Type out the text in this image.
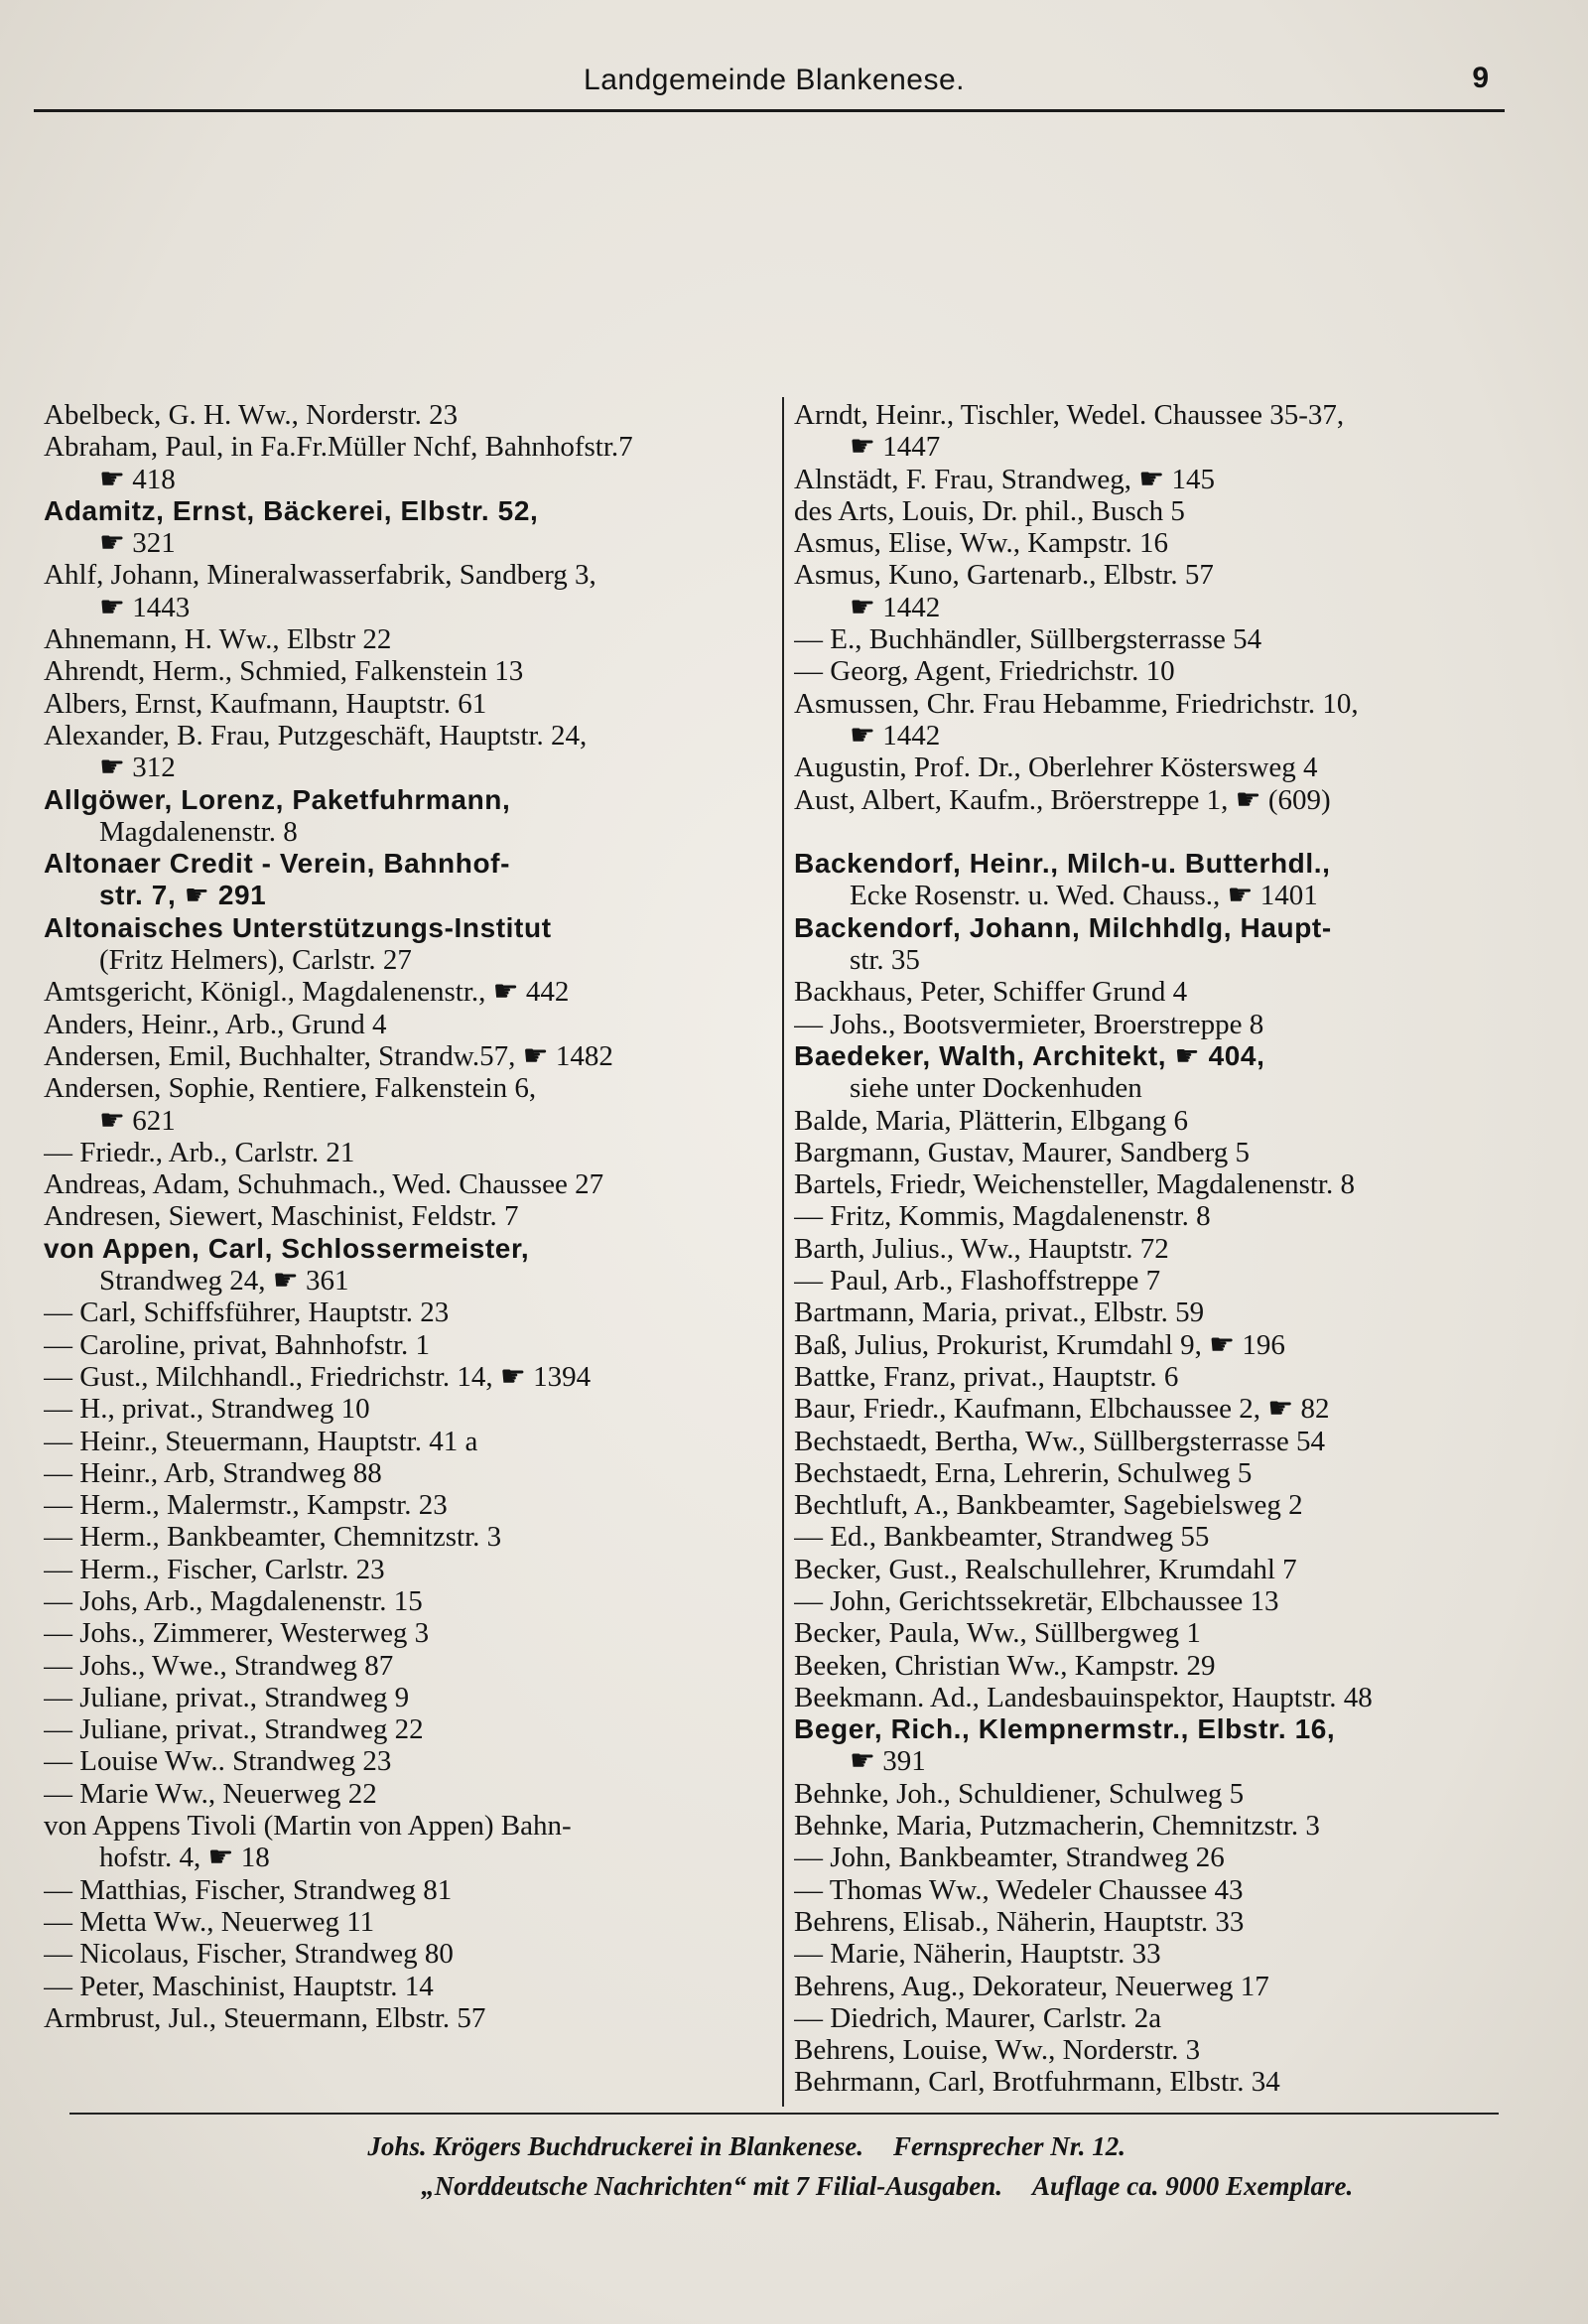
Landgemeinde Blankenese.	9
Abelbeck, G. H. Ww., Norderstr. 23
Abraham, Paul, in Fa.Fr.Müller Nchf, Bahnhofstr.7
☛ 418
Adamitz, Ernst, Bäckerei, Elbstr. 52,
☛ 321
Ahlf, Johann, Mineralwasserfabrik, Sandberg 3,
☛ 1443
Ahnemann, H. Ww., Elbstr 22
Ahrendt, Herm., Schmied, Falkenstein 13
Albers, Ernst, Kaufmann, Hauptstr. 61
Alexander, B. Frau, Putzgeschäft, Hauptstr. 24,
☛ 312
Allgöwer, Lorenz, Paketfuhrmann,
Magdalenenstr. 8
Altonaer Credit - Verein, Bahnhof-
str. 7, ☛ 291
Altonaisches Unterstützungs-Institut
(Fritz Helmers), Carlstr. 27
Amtsgericht, Königl., Magdalenenstr., ☛ 442
Anders, Heinr., Arb., Grund 4
Andersen, Emil, Buchhalter, Strandw.57, ☛ 1482
Andersen, Sophie, Rentiere, Falkenstein 6,
☛ 621
— Friedr., Arb., Carlstr. 21
Andreas, Adam, Schuhmach., Wed. Chaussee 27
Andresen, Siewert, Maschinist, Feldstr. 7
von Appen, Carl, Schlossermeister,
Strandweg 24, ☛ 361
— Carl, Schiffsführer, Hauptstr. 23
— Caroline, privat, Bahnhofstr. 1
— Gust., Milchhandl., Friedrichstr. 14, ☛ 1394
— H., privat., Strandweg 10
— Heinr., Steuermann, Hauptstr. 41 a
— Heinr., Arb, Strandweg 88
— Herm., Malermstr., Kampstr. 23
— Herm., Bankbeamter, Chemnitzstr. 3
— Herm., Fischer, Carlstr. 23
— Johs, Arb., Magdalenenstr. 15
— Johs., Zimmerer, Westerweg 3
— Johs., Wwe., Strandweg 87
— Juliane, privat., Strandweg 9
— Juliane, privat., Strandweg 22
— Louise Ww.. Strandweg 23
— Marie Ww., Neuerweg 22
von Appens Tivoli (Martin von Appen) Bahn-
hofstr. 4, ☛ 18
— Matthias, Fischer, Strandweg 81
— Metta Ww., Neuerweg 11
— Nicolaus, Fischer, Strandweg 80
— Peter, Maschinist, Hauptstr. 14
Armbrust, Jul., Steuermann, Elbstr. 57
Arndt, Heinr., Tischler, Wedel. Chaussee 35-37,
☛ 1447
Alnstädt, F. Frau, Strandweg, ☛ 145
des Arts, Louis, Dr. phil., Busch 5
Asmus, Elise, Ww., Kampstr. 16
Asmus, Kuno, Gartenarb., Elbstr. 57
☛ 1442
— E., Buchhändler, Süllbergsterrasse 54
— Georg, Agent, Friedrichstr. 10
Asmussen, Chr. Frau Hebamme, Friedrichstr. 10,
☛ 1442
Augustin, Prof. Dr., Oberlehrer Köstersweg 4
Aust, Albert, Kaufm., Bröerstreppe 1, ☛ (609)
Backendorf, Heinr., Milch-u. Butterhdl.,
Ecke Rosenstr. u. Wed. Chauss., ☛ 1401
Backendorf, Johann, Milchhdlg, Haupt-
str. 35
Backhaus, Peter, Schiffer Grund 4
— Johs., Bootsvermieter, Broerstreppe 8
Baedeker, Walth, Architekt, ☛ 404,
siehe unter Dockenhuden
Balde, Maria, Plätterin, Elbgang 6
Bargmann, Gustav, Maurer, Sandberg 5
Bartels, Friedr, Weichensteller, Magdalenenstr. 8
— Fritz, Kommis, Magdalenenstr. 8
Barth, Julius., Ww., Hauptstr. 72
— Paul, Arb., Flashoffstreppe 7
Bartmann, Maria, privat., Elbstr. 59
Baß, Julius, Prokurist, Krumdahl 9, ☛ 196
Battke, Franz, privat., Hauptstr. 6
Baur, Friedr., Kaufmann, Elbchaussee 2, ☛ 82
Bechstaedt, Bertha, Ww., Süllbergsterrasse 54
Bechstaedt, Erna, Lehrerin, Schulweg 5
Bechtluft, A., Bankbeamter, Sagebielsweg 2
— Ed., Bankbeamter, Strandweg 55
Becker, Gust., Realschullehrer, Krumdahl 7
— John, Gerichtssekretär, Elbchaussee 13
Becker, Paula, Ww., Süllbergweg 1
Beeken, Christian Ww., Kampstr. 29
Beekmann. Ad., Landesbauinspektor, Hauptstr. 48
Beger, Rich., Klempnermstr., Elbstr. 16,
☛ 391
Behnke, Joh., Schuldiener, Schulweg 5
Behnke, Maria, Putzmacherin, Chemnitzstr. 3
— John, Bankbeamter, Strandweg 26
— Thomas Ww., Wedeler Chaussee 43
Behrens, Elisab., Näherin, Hauptstr. 33
— Marie, Näherin, Hauptstr. 33
Behrens, Aug., Dekorateur, Neuerweg 17
— Diedrich, Maurer, Carlstr. 2a
Behrens, Louise, Ww., Norderstr. 3
Behrmann, Carl, Brotfuhrmann, Elbstr. 34
Johs. Krögers Buchdruckerei in Blankenese. Fernsprecher Nr. 12.
„Norddeutsche Nachrichten“ mit 7 Filial-Ausgaben. Auflage ca. 9000 Exemplare.
